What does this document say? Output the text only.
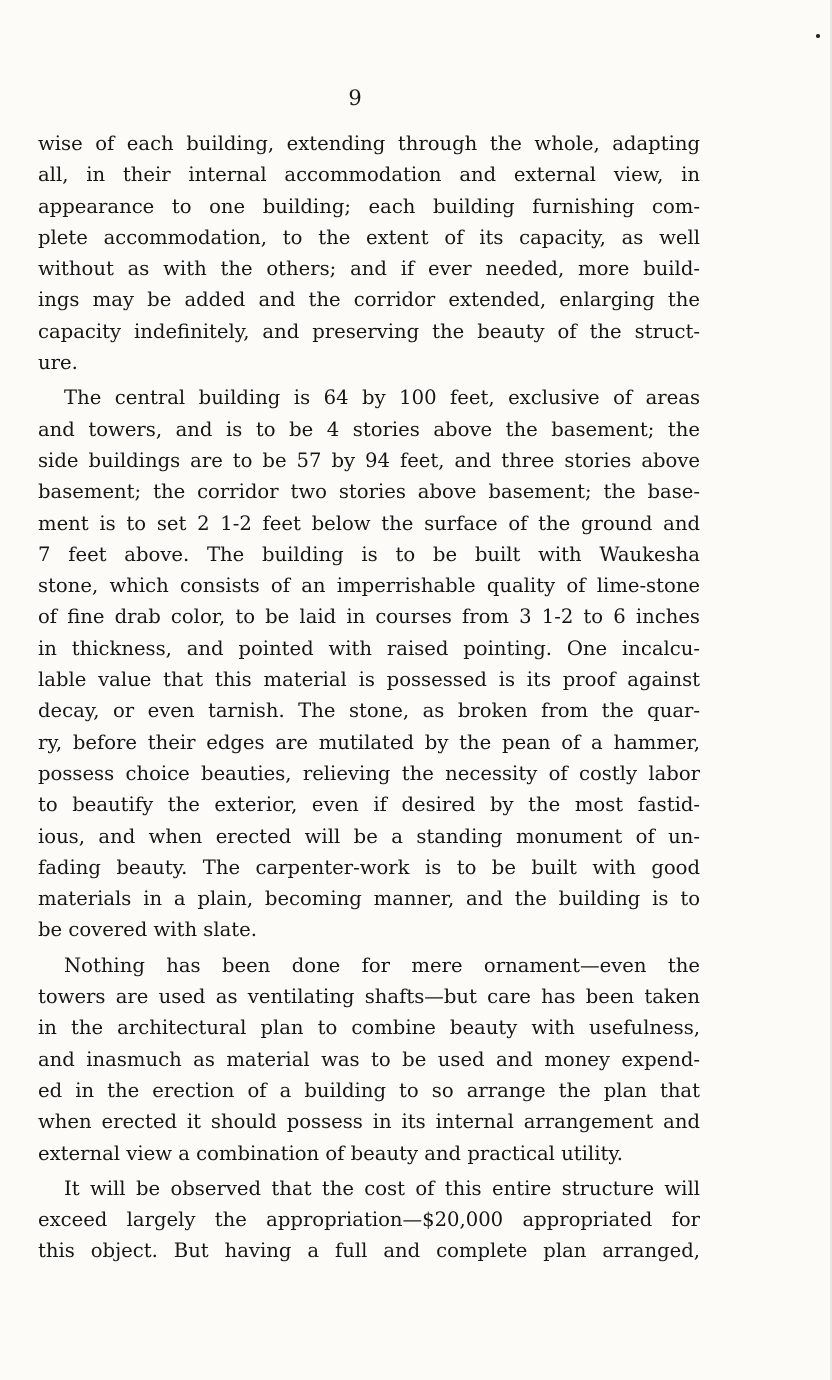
9
wise of each building, extending through the whole, adapting
all, in their internal accommodation and external view, in
appearance to one building; each building furnishing com-
plete accommodation, to the extent of its capacity, as well
without as with the others; and if ever needed, more build-
ings may be added and the corridor extended, enlarging the
capacity indefinitely, and preserving the beauty of the struct-
ure.
The central building is 64 by 100 feet, exclusive of areas
and towers, and is to be 4 stories above the basement; the
side buildings are to be 57 by 94 feet, and three stories above
basement; the corridor two stories above basement; the base-
ment is to set 2 1-2 feet below the surface of the ground and
7 feet above. The building is to be built with Waukesha
stone, which consists of an imperrishable quality of lime-stone
of fine drab color, to be laid in courses from 3 1-2 to 6 inches
in thickness, and pointed with raised pointing. One incalcu-
lable value that this material is possessed is its proof against
decay, or even tarnish. The stone, as broken from the quar-
ry, before their edges are mutilated by the pean of a hammer,
possess choice beauties, relieving the necessity of costly labor
to beautify the exterior, even if desired by the most fastid-
ious, and when erected will be a standing monument of un-
fading beauty. The carpenter-work is to be built with good
materials in a plain, becoming manner, and the building is to
be covered with slate.
Nothing has been done for mere ornament—even the
towers are used as ventilating shafts—but care has been taken
in the architectural plan to combine beauty with usefulness,
and inasmuch as material was to be used and money expend-
ed in the erection of a building to so arrange the plan that
when erected it should possess in its internal arrangement and
external view a combination of beauty and practical utility.
It will be observed that the cost of this entire structure will
exceed largely the appropriation—$20,000 appropriated for
this object. But having a full and complete plan arranged,
